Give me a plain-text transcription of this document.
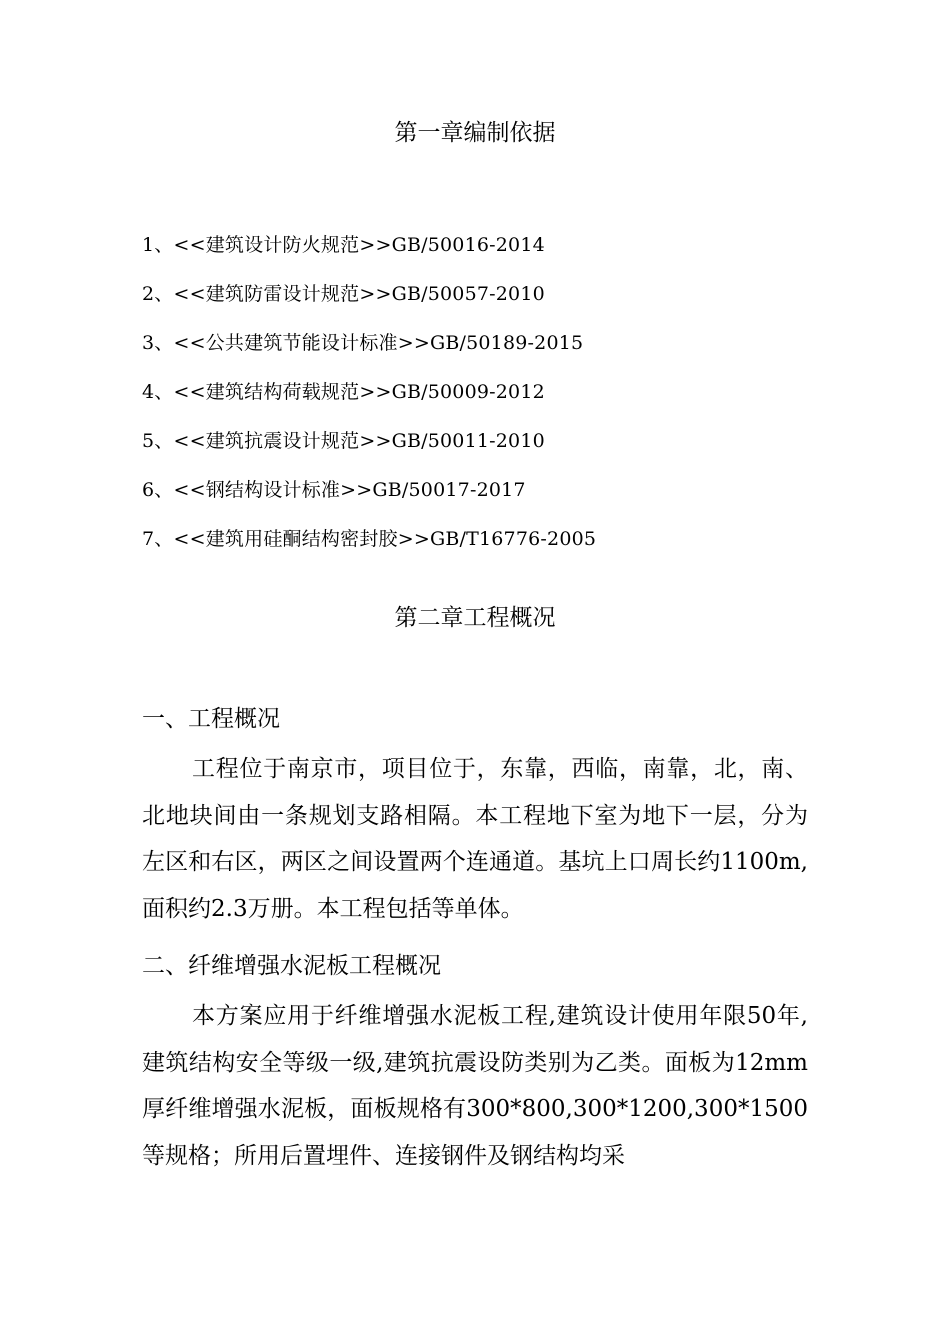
第一章编制依据
1、<<建筑设计防火规范>>GB/50016-2014
2、<<建筑防雷设计规范>>GB/50057-2010
3、<<公共建筑节能设计标准>>GB/50189-2015
4、<<建筑结构荷载规范>>GB/50009-2012
5、<<建筑抗震设计规范>>GB/50011-2010
6、<<钢结构设计标准>>GB/50017-2017
7、<<建筑用硅酮结构密封胶>>GB/T16776-2005
第二章工程概况
一、工程概况

工程位于南京市，项目位于，东靠，西临，南靠，北，南、北地块间由一条规划支路相隔。本工程地下室为地下一层，分为左区和右区，两区之间设置两个连通道。基坑上口周长约1100m,面积约2.3万册。本工程包括等单体。

二、纤维增强水泥板工程概况

本方案应用于纤维增强水泥板工程,建筑设计使用年限50年,建筑结构安全等级一级,建筑抗震设防类别为乙类。面板为12mm厚纤维增强水泥板，面板规格有300*800,300*1200,300*1500等规格；所用后置埋件、连接钢件及钢结构均采
